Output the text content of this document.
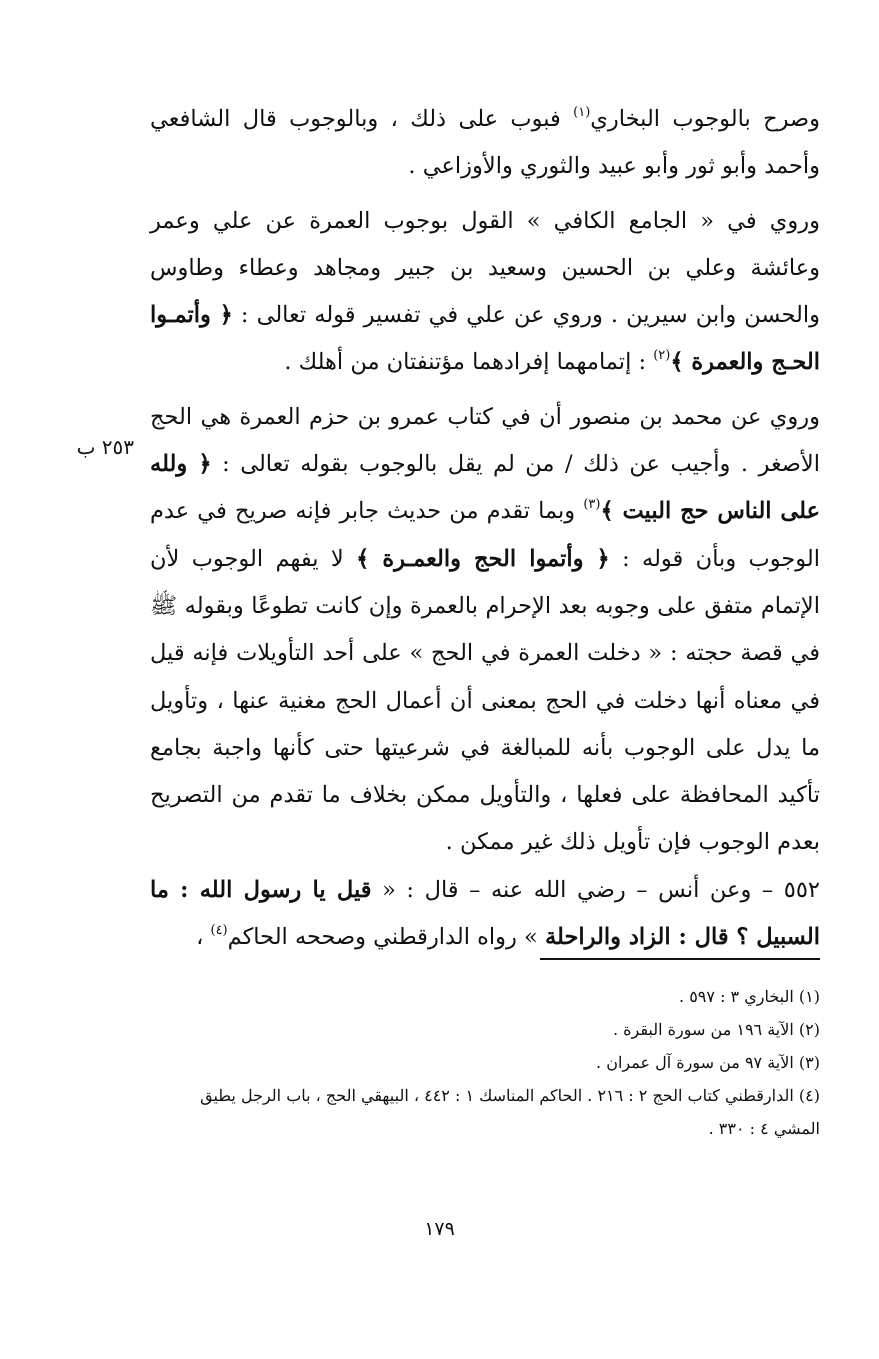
٢٥٣ ب

وصرح بالوجوب البخاري$^{(١)}$ فبوب على ذلك ، وبالوجوب قال الشافعي وأحمد وأبو ثور وأبو عبيد والثوري والأوزاعي .

وروي في « الجامع الكافي » القول بوجوب العمرة عن علي وعمر وعائشة وعلي بن الحسين وسعيد بن جبير ومجاهد وعطاء وطاوس والحسن وابن سيرين . وروي عن علي في تفسير قوله تعالى : ﴿ وأتمـوا الحـج والعمرة ﴾$^{(٢)}$ : إتمامهما إفرادهما مؤتنفتان من أهلك .

وروي عن محمد بن منصور أن في كتاب عمرو بن حزم العمرة هي الحج الأصغر . وأجيب عن ذلك / من لم يقل بالوجوب بقوله تعالى : ﴿ ولله على الناس حج البيت ﴾$^{(٣)}$ وبما تقدم من حديث جابر فإنه صريح في عدم الوجوب وبأن قوله : ﴿ وأتموا الحج والعمـرة ﴾ لا يفهم الوجوب لأن الإتمام متفق على وجوبه بعد الإحرام بالعمرة وإن كانت تطوعًا وبقوله ﷺ في قصة حجته : « دخلت العمرة في الحج » على أحد التأويلات فإنه قيل في معناه أنها دخلت في الحج بمعنى أن أعمال الحج مغنية عنها ، وتأويل ما يدل على الوجوب بأنه للمبالغة في شرعيتها حتى كأنها واجبة بجامع تأكيد المحافظة على فعلها ، والتأويل ممكن بخلاف ما تقدم من التصريح بعدم الوجوب فإن تأويل ذلك غير ممكن .

٥٥٢ – وعن أنس – رضي الله عنه – قال : « قيل يا رسول الله : ما السبيل ؟ قال : الزاد والراحلة » رواه الدارقطني وصححه الحاكم$^{(٤)}$ ،

(١) البخاري ٣ : ٥٩٧ .

(٢) الآية ١٩٦ من سورة البقرة .

(٣) الآية ٩٧ من سورة آل عمران .

(٤) الدارقطني كتاب الحج ٢ : ٢١٦ . الحاكم المناسك ١ : ٤٤٢ ، البيهقي الحج ، باب الرجل يطيق المشي ٤ : ٣٣٠ .

١٧٩
